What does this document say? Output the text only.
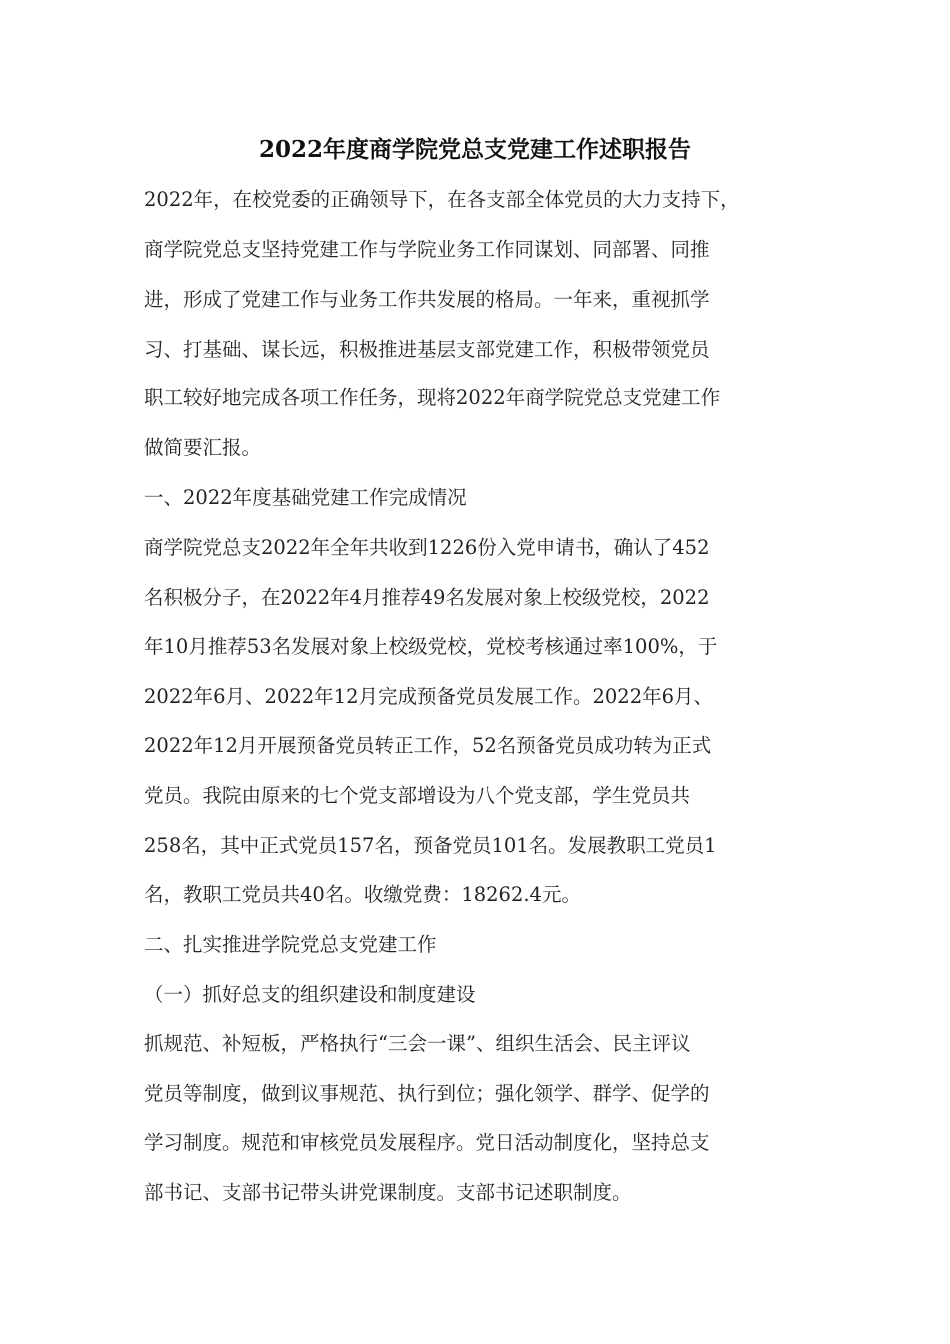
2022年度商学院党总支党建工作述职报告
2022年，在校党委的正确领导下，在各支部全体党员的大力支持下，
商学院党总支坚持党建工作与学院业务工作同谋划、同部署、同推
进，形成了党建工作与业务工作共发展的格局。一年来，重视抓学
习、打基础、谋长远，积极推进基层支部党建工作，积极带领党员
职工较好地完成各项工作任务，现将2022年商学院党总支党建工作
做简要汇报。
一、2022年度基础党建工作完成情况
商学院党总支2022年全年共收到1226份入党申请书，确认了452
名积极分子，在2022年4月推荐49名发展对象上校级党校，2022
年10月推荐53名发展对象上校级党校，党校考核通过率100%，于
2022年6月、2022年12月完成预备党员发展工作。2022年6月、
2022年12月开展预备党员转正工作，52名预备党员成功转为正式
党员。我院由原来的七个党支部增设为八个党支部，学生党员共
258名，其中正式党员157名，预备党员101名。发展教职工党员1
名，教职工党员共40名。收缴党费：18262.4元。
二、扎实推进学院党总支党建工作
（一）抓好总支的组织建设和制度建设
抓规范、补短板，严格执行“三会一课”、组织生活会、民主评议
党员等制度，做到议事规范、执行到位；强化领学、群学、促学的
学习制度。规范和审核党员发展程序。党日活动制度化，坚持总支
部书记、支部书记带头讲党课制度。支部书记述职制度。
